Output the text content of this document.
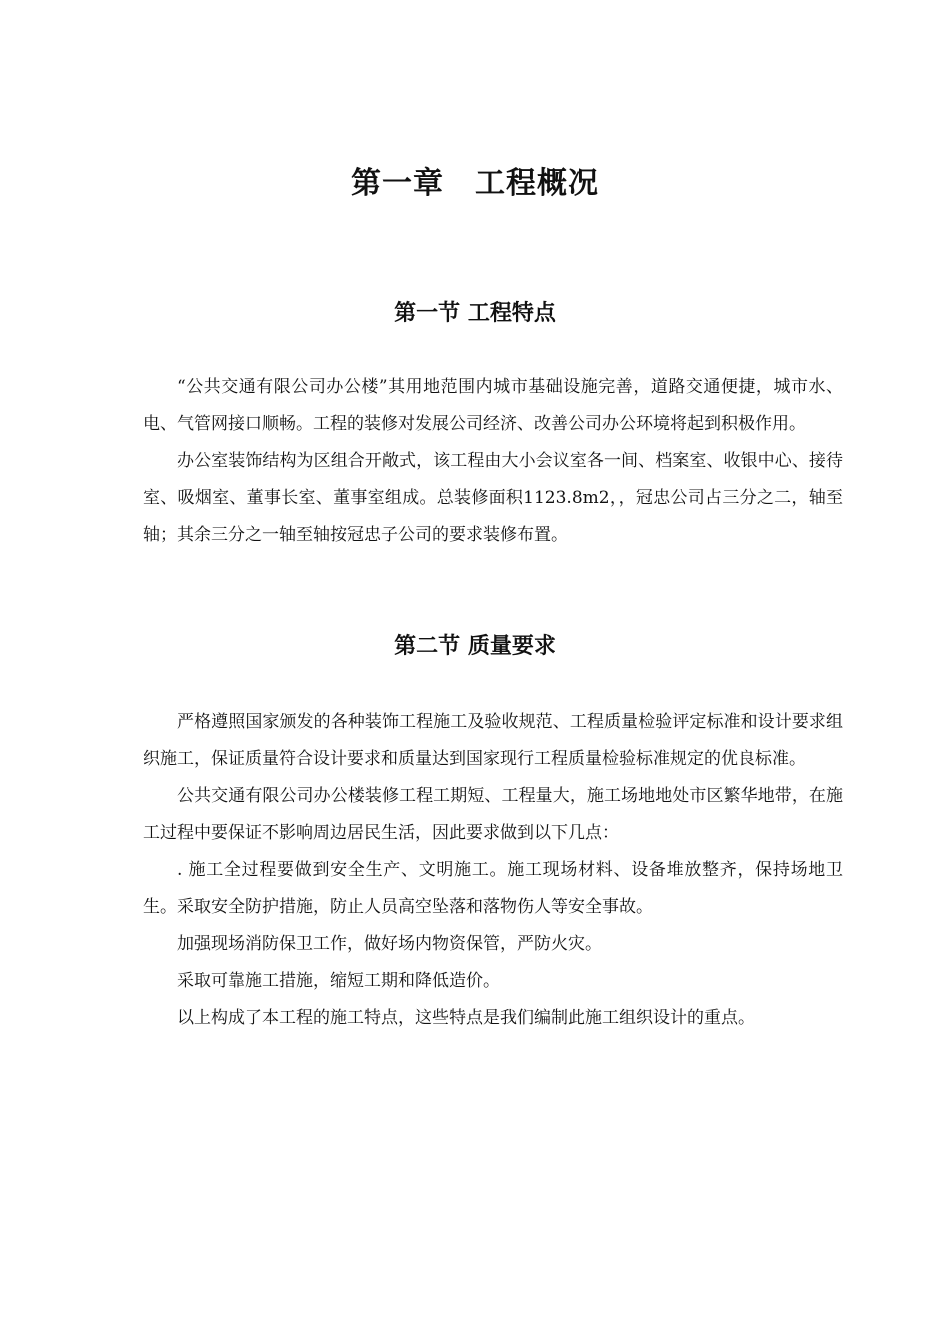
第一章　工程概况
第一节 工程特点

“公共交通有限公司办公楼”其用地范围内城市基础设施完善，道路交通便捷，城市水、电、气管网接口顺畅。工程的装修对发展公司经济、改善公司办公环境将起到积极作用。

办公室装饰结构为区组合开敞式，该工程由大小会议室各一间、档案室、收银中心、接待室、吸烟室、董事长室、董事室组成。总装修面积1123.8m2，，冠忠公司占三分之二，轴至轴；其余三分之一轴至轴按冠忠子公司的要求装修布置。

第二节 质量要求

严格遵照国家颁发的各种装饰工程施工及验收规范、工程质量检验评定标准和设计要求组织施工，保证质量符合设计要求和质量达到国家现行工程质量检验标准规定的优良标准。

公共交通有限公司办公楼装修工程工期短、工程量大，施工场地地处市区繁华地带，在施工过程中要保证不影响周边居民生活，因此要求做到以下几点：

. 施工全过程要做到安全生产、文明施工。施工现场材料、设备堆放整齐，保持场地卫生。采取安全防护措施，防止人员高空坠落和落物伤人等安全事故。

加强现场消防保卫工作，做好场内物资保管，严防火灾。

采取可靠施工措施，缩短工期和降低造价。

以上构成了本工程的施工特点，这些特点是我们编制此施工组织设计的重点。
